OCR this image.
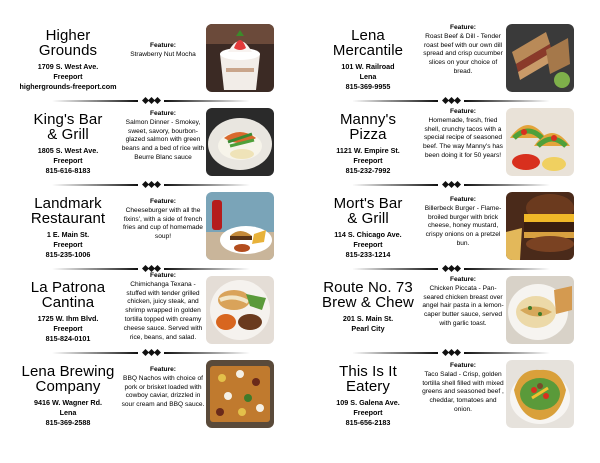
Higher
Grounds
1709 S. West Ave.
Freeport
highergrounds-freeport.com
Feature:
Strawberry Nut Mocha
King's Bar
& Grill
1805 S. West Ave.
Freeport
815-616-8183
Feature:
Salmon Dinner - Smokey, sweet, savory, bourbon-glazed salmon with green beans and a bed of rice with Beurre Blanc sauce
Landmark
Restaurant
1 E. Main St.
Freeport
815-235-1006
Feature:
Cheeseburger with all the fixins', with a side of french fries and cup of homemade soup!
La Patrona
Cantina
1725 W. Ihm Blvd.
Freeport
815-824-0101
Feature:
Chimichanga Texana - stuffed with tender grilled chicken, juicy steak, and shrimp wrapped in golden tortilla topped with creamy cheese sauce. Served with rice, beans, and salad.
Lena Brewing
Company
9416 W. Wagner Rd.
Lena
815-369-2588
Feature:
BBQ Nachos with choice of pork or brisket loaded with cowboy caviar, drizzled in sour cream and BBQ sauce.
Lena
Mercantile
101 W. Railroad
Lena
815-369-9955
Feature:
Roast Beef & Dill - Tender roast beef with our own dill spread and crisp cucumber slices on your choice of bread.
Manny's
Pizza
1121 W. Empire St.
Freeport
815-232-7992
Feature:
Homemade, fresh, fried shell, crunchy tacos with a special recipe of seasoned beef. The way Manny's has been doing it for 50 years!
Mort's Bar
& Grill
114 S. Chicago Ave.
Freeport
815-233-1214
Feature:
Billerbeck Burger - Flame-broiled burger with brick cheese, honey mustard, crispy onions on a pretzel bun.
Route No. 73
Brew & Chew
201 S. Main St.
Pearl City
Feature:
Chicken Piccata - Pan-seared chicken breast over angel hair pasta in a lemon-caper butter sauce, served with garlic toast.
This Is It
Eatery
109 S. Galena Ave.
Freeport
815-656-2183
Feature:
Taco Salad - Crisp, golden tortilla shell filled with mixed greens and seasoned beef , cheddar, tomatoes and onion.
